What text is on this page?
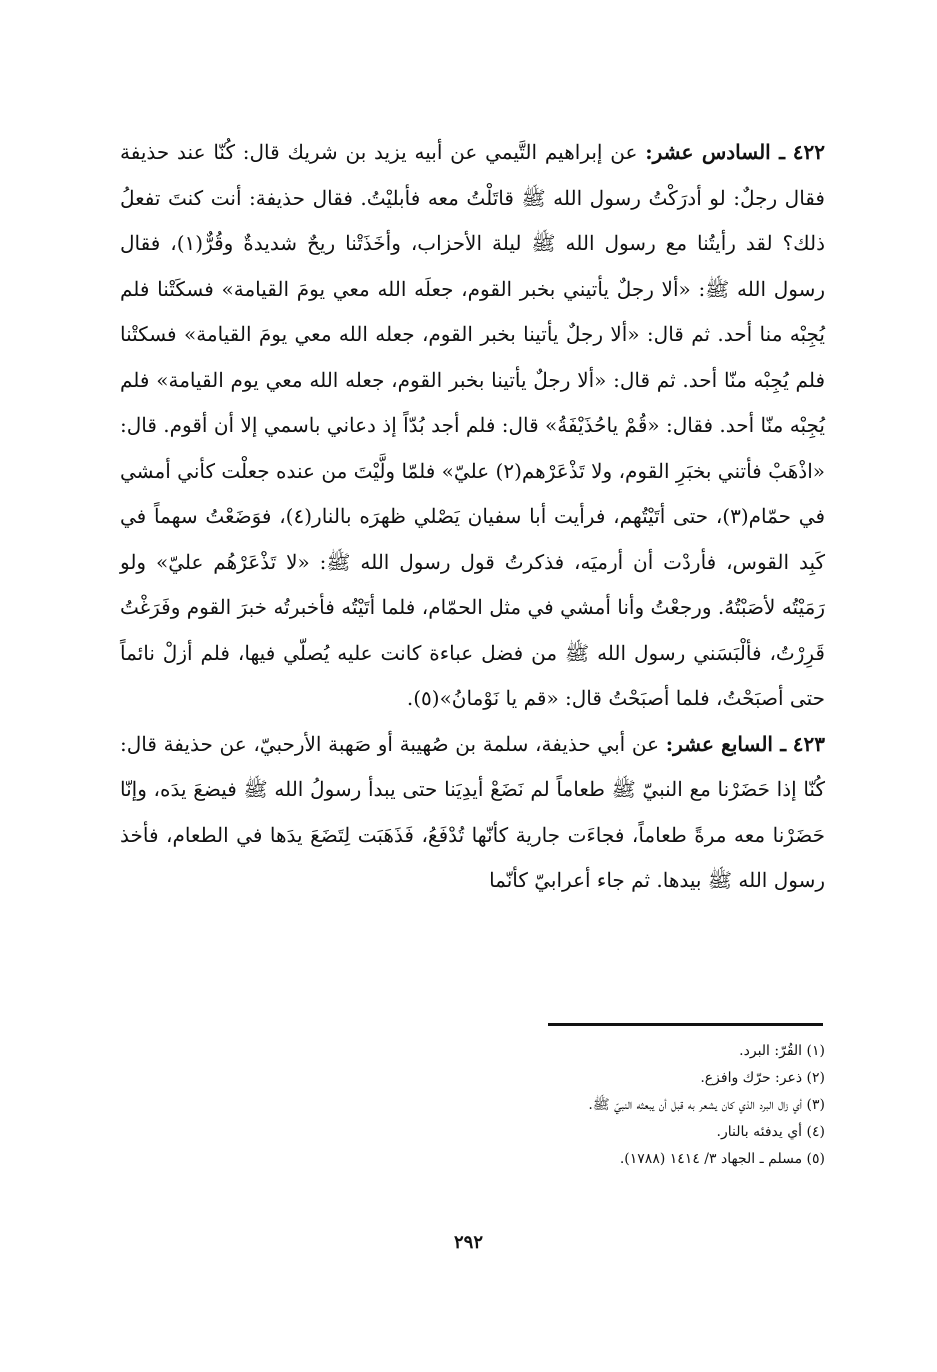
٤٢٢ ـ السادس عشر: عن إبراهيم التَّيمي عن أبيه يزيد بن شريك قال: كُنّا عند حذيفة فقال رجلٌ: لو أدرَكْتُ رسول الله ﷺ قاتَلْتُ معه فأبليْتُ. فقال حذيفة: أنت كنتَ تفعلُ ذلك؟ لقد رأيتُنا مع رسول الله ﷺ ليلة الأحزاب، وأخَذَتْنا ريحٌ شديدةٌ وقُرٌّ(١)، فقال رسول الله ﷺ: «ألا رجلٌ يأتيني بخبر القوم، جعلَه الله معي يومَ القيامة» فسكَتْنا فلم يُجِبْه منا أحد. ثم قال: «ألا رجلٌ يأتينا بخبر القوم، جعله الله معي يومَ القيامة» فسكتْنا فلم يُجِبْه منّا أحد. ثم قال: «ألا رجلٌ يأتينا بخبر القوم، جعله الله معي يوم القيامة» فلم يُجِبْه منّا أحد. فقال: «قُمْ ياحُذَيْفَةُ» قال: فلم أجد بُدّاً إذ دعاني باسمي إلا أن أقوم. قال: «اذْهَبْ فأتني بخبَرِ القوم، ولا تَذْعَرْهم(٢) عليّ» فلمّا ولَّيْتَ من عنده جعلْت كأني أمشي في حمّام(٣)، حتى أتَيْتُهم، فرأيت أبا سفيان يَصْلي ظهرَه بالنار(٤)، فوَضَعْتُ سهماً في كَبِد القوس، فأردْت أن أرميَه، فذكرتُ قول رسول الله ﷺ: «لا تَذْعَرْهُم عليّ» ولو رَمَيْتُه لأصَبْتُهُ. ورجعْتُ وأنا أمشي في مثل الحمّام، فلما أتَيْتُه فأخبرتُه خبرَ القوم وفَرَغْتُ قَرِرْتُ، فألْبَسَني رسول الله ﷺ من فضل عباءة كانت عليه يُصلّي فيها، فلم أزلْ نائماً حتى أصبَحْتُ، فلما أصبَحْتُ قال: «قم يا نَوْمانُ»(٥).

٤٢٣ ـ السابع عشر: عن أبي حذيفة، سلمة بن صُهيبة أو صَهبة الأرحبيّ، عن حذيفة قال: كُنّا إذا حَضَرْنا مع النبيّ ﷺ طعاماً لم نَضَعْ أيدِيَنا حتى يبدأ رسولُ الله ﷺ فيضعَ يدَه، وإنّا حَضَرْنا معه مرةً طعاماً، فجاءَت جارية كأنّها تُدْفَعُ، فَذَهَبَت لِتَضَعَ يدَها في الطعام، فأخذ رسول الله ﷺ بيدها. ثم جاء أعرابيّ كأنّما

(١) القُرّ: البرد.
(٢) ذعر: حرّك وافزع.
(٣) أي زال البرد الذي كان يشعر به قبل أن يبعثه النبيّ ﷺ.
(٤) أي يدفئه بالنار.
(٥) مسلم ـ الجهاد ٣/ ١٤١٤ (١٧٨٨).
٢٩٢
